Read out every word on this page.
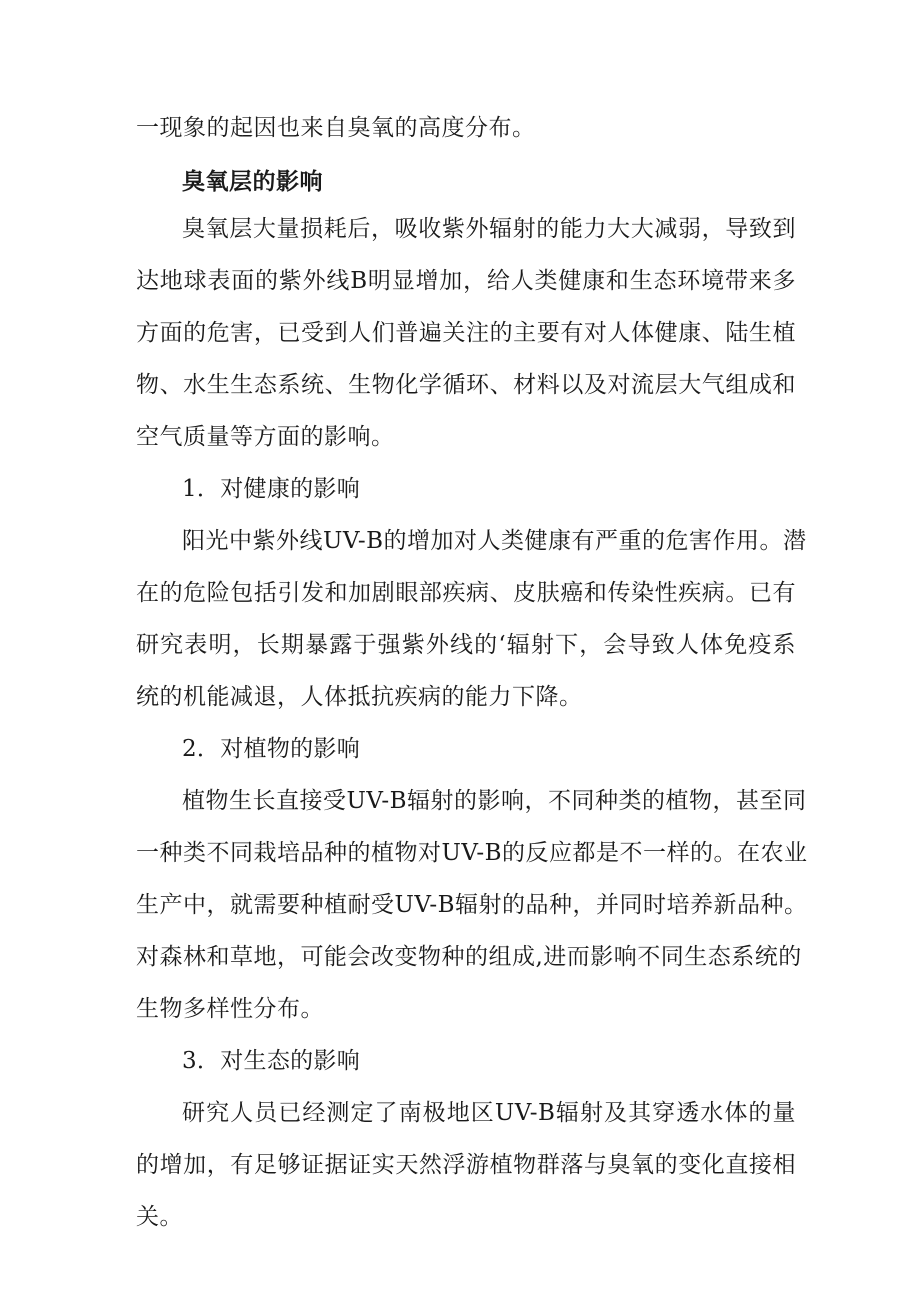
一现象的起因也来自臭氧的高度分布。
臭氧层的影响
臭氧层大量损耗后，吸收紫外辐射的能力大大减弱，导致到
达地球表面的紫外线B明显增加，给人类健康和生态环境带来多
方面的危害，已受到人们普遍关注的主要有对人体健康、陆生植
物、水生生态系统、生物化学循环、材料以及对流层大气组成和
空气质量等方面的影响。
1．对健康的影响
阳光中紫外线UV-B的增加对人类健康有严重的危害作用。潜
在的危险包括引发和加剧眼部疾病、皮肤癌和传染性疾病。已有
研究表明，长期暴露于强紫外线的‘辐射下，会导致人体免疫系
统的机能减退，人体抵抗疾病的能力下降。
2．对植物的影响
植物生长直接受UV-B辐射的影响，不同种类的植物，甚至同
一种类不同栽培品种的植物对UV-B的反应都是不一样的。在农业
生产中，就需要种植耐受UV-B辐射的品种，并同时培养新品种。
对森林和草地，可能会改变物种的组成,进而影响不同生态系统的
生物多样性分布。
3．对生态的影响
研究人员已经测定了南极地区UV-B辐射及其穿透水体的量
的增加，有足够证据证实天然浮游植物群落与臭氧的变化直接相
关。
